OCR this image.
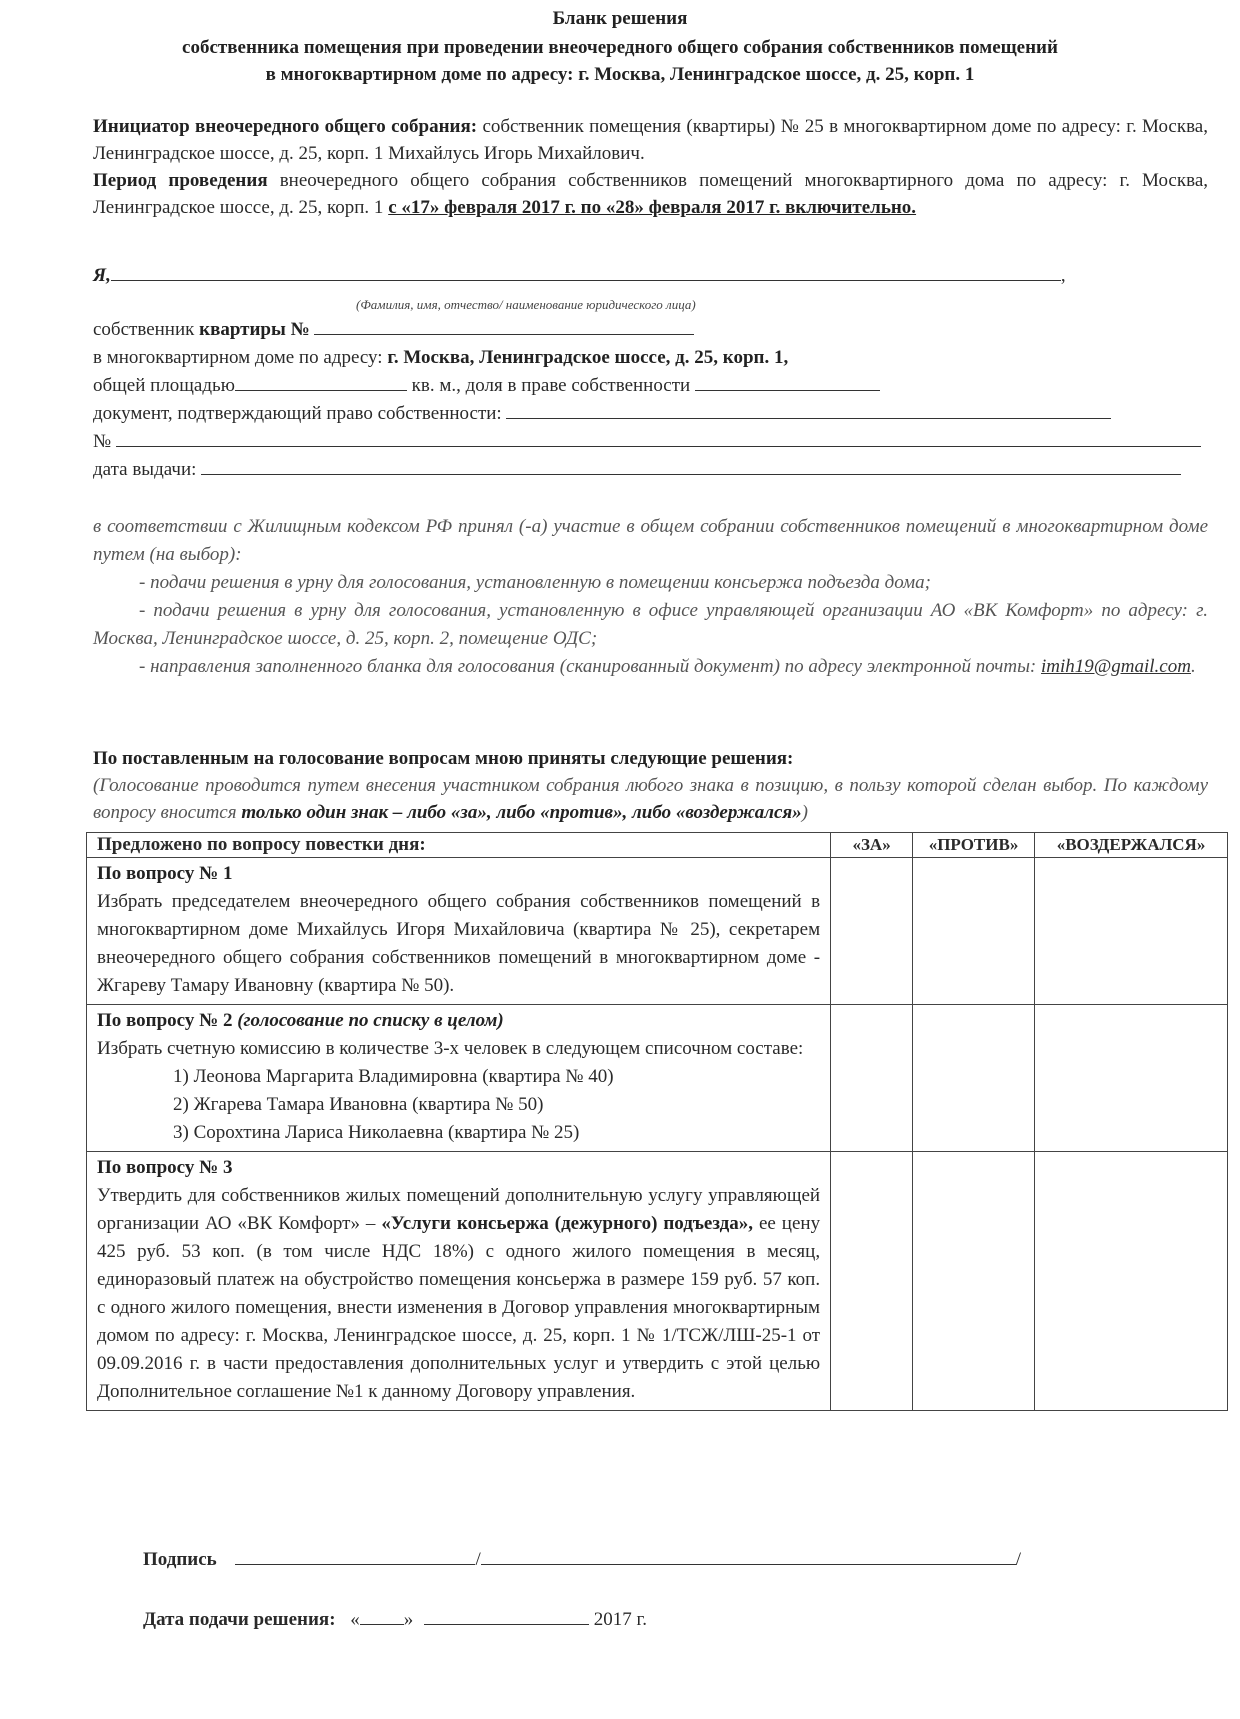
Бланк решения
собственника помещения при проведении внеочередного общего собрания собственников помещений
в многоквартирном доме по адресу: г. Москва, Ленинградское шоссе, д. 25, корп. 1
Инициатор внеочередного общего собрания: собственник помещения (квартиры) № 25 в многоквартирном доме по адресу: г. Москва, Ленинградское шоссе, д. 25, корп. 1 Михайлусь Игорь Михайлович.
Период проведения внеочередного общего собрания собственников помещений многоквартирного дома по адресу: г. Москва, Ленинградское шоссе, д. 25, корп. 1 с «17» февраля 2017 г. по «28» февраля 2017 г. включительно.
Я,	,
(Фамилия, имя, отчество/ наименование юридического лица)
собственник квартиры №
в многоквартирном доме по адресу: г. Москва, Ленинградское шоссе, д. 25, корп. 1,
общей площадью	кв. м., доля в праве собственности
документ, подтверждающий право собственности:
№
дата выдачи:
в соответствии с Жилищным кодексом РФ принял (-а) участие в общем собрании собственников помещений в многоквартирном доме путем (на выбор):
- подачи решения в урну для голосования, установленную в помещении консьержа подъезда дома;
- подачи решения в урну для голосования, установленную в офисе управляющей организации АО «ВК Комфорт» по адресу: г. Москва, Ленинградское шоссе, д. 25, корп. 2, помещение ОДС;
- направления заполненного бланка для голосования (сканированный документ) по адресу электронной почты: imih19@gmail.com.
По поставленным на голосование вопросам мною приняты следующие решения:
(Голосование проводится путем внесения участником собрания любого знака в позицию, в пользу которой сделан выбор. По каждому вопросу вносится только один знак – либо «за», либо «против», либо «воздержался»)
Предложено по вопросу повестки дня:	«ЗА»	«ПРОТИВ»	«ВОЗДЕРЖАЛСЯ»
По вопросу № 1
Избрать председателем внеочередного общего собрания собственников помещений в многоквартирном доме Михайлусь Игоря Михайловича (квартира № 25), секретарем внеочередного общего собрания собственников помещений в многоквартирном доме - Жгареву Тамару Ивановну (квартира № 50).			
По вопросу № 2 (голосование по списку в целом)
Избрать счетную комиссию в количестве 3-х человек в следующем списочном составе:
1) Леонова Маргарита Владимировна (квартира № 40)
2) Жгарева Тамара Ивановна (квартира № 50)
3) Сорохтина Лариса Николаевна (квартира № 25)			

По вопросу № 3
Утвердить для собственников жилых помещений дополнительную услугу управляющей организации АО «ВК Комфорт» – «Услуги консьержа (дежурного) подъезда», ее цену 425 руб. 53 коп. (в том числе НДС 18%) с одного жилого помещения в месяц, единоразовый платеж на обустройство помещения консьержа в размере 159 руб. 57 коп. с одного жилого помещения, внести изменения в Договор управления многоквартирным домом по адресу: г. Москва, Ленинградское шоссе, д. 25, корп. 1 № 1/ТСЖ/ЛШ-25-1 от 09.09.2016 г. в части предоставления дополнительных услуг и утвердить с этой целью Дополнительное соглашение №1 к данному Договору управления.			
Подпись	/	/
Дата подачи решения: « »	2017 г.
